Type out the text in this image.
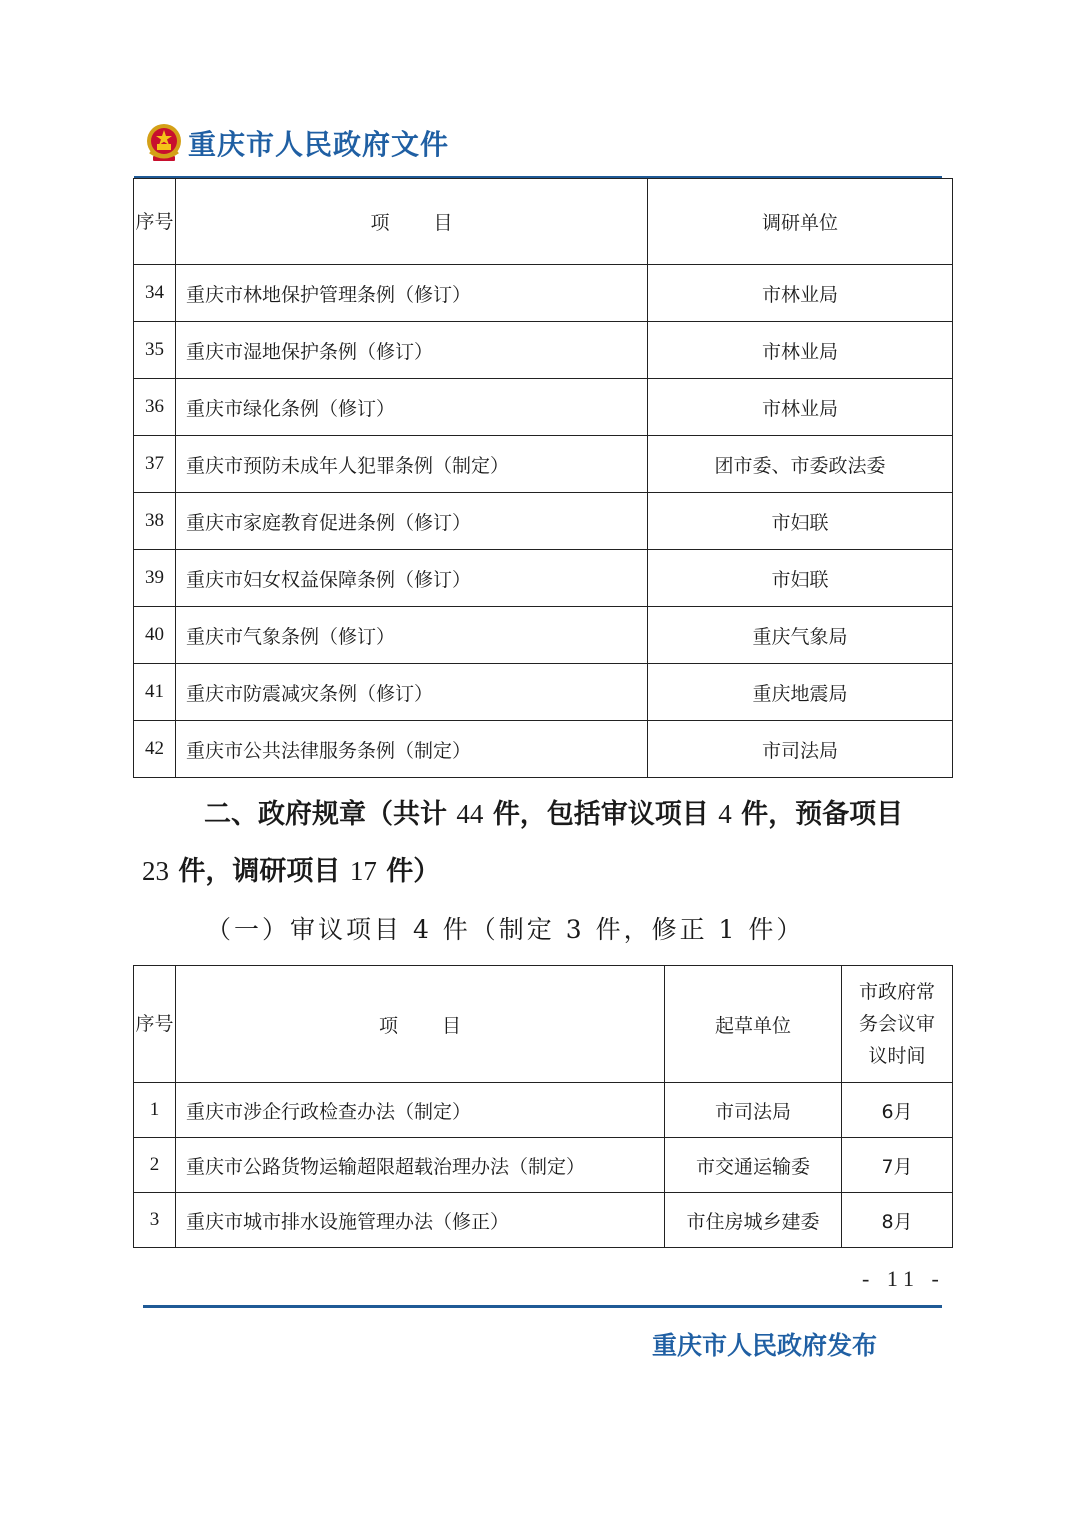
重庆市人民政府文件
序号	项 目	调研单位
34	重庆市林地保护管理条例（修订）	市林业局
35	重庆市湿地保护条例（修订）	市林业局
36	重庆市绿化条例（修订）	市林业局
37	重庆市预防未成年人犯罪条例（制定）	团市委、市委政法委
38	重庆市家庭教育促进条例（修订）	市妇联
39	重庆市妇女权益保障条例（修订）	市妇联
40	重庆市气象条例（修订）	重庆气象局
41	重庆市防震减灾条例（修订）	重庆地震局
42	重庆市公共法律服务条例（制定）	市司法局
二、政府规章（共计 44 件，包括审议项目 4 件，预备项目
23 件，调研项目 17 件）
（一）审议项目 4 件（制定 3 件，修正 1 件）
序号	项 目	起草单位	市政府常务会议审议时间

1	重庆市涉企行政检查办法（制定）	市司法局	6月
2	重庆市公路货物运输超限超载治理办法（制定）	市交通运输委	7月
3	重庆市城市排水设施管理办法（修正）	市住房城乡建委	8月
- 11 -
重庆市人民政府发布
